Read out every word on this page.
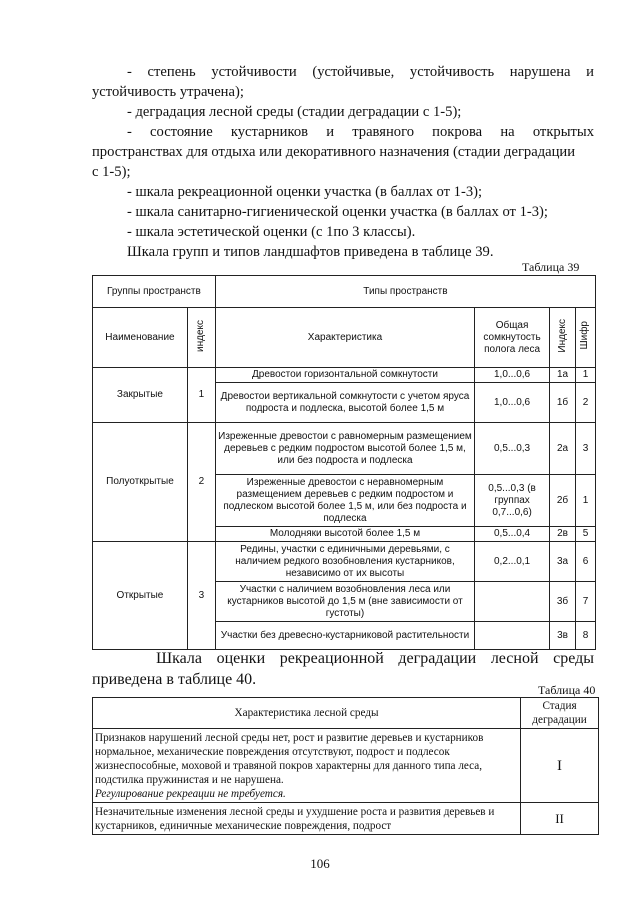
- степень устойчивости (устойчивые, устойчивость нарушена и
устойчивость утрачена);
- деградация лесной среды (стадии деградации с 1-5);
- состояние кустарников и травяного покрова на открытых
пространствах для отдыха или декоративного назначения (стадии деградации
с 1-5);
- шкала рекреационной оценки участка (в баллах от 1-3);
- шкала санитарно-гигиенической оценки участка (в баллах от 1-3);
- шкала эстетической оценки (с 1по 3 классы).
Шкала групп и типов ландшафтов приведена в таблице 39.
Таблица 39
Группы пространств		Типы пространств			
Наименование	индекс	Характеристика	Общая сомкнутость полога леса	Индекс	Шифр
Закрытые	1	Древостои горизонтальной сомкнутости	1,0...0,6	1а	1
		Древостои вертикальной сомкнутости с учетом яруса подроста и подлеска, высотой более 1,5 м	1,0...0,6	1б	2
Полуоткрытые	2	Изреженные древостои с равномерным размещением деревьев с редким подростом высотой более 1,5 м, или без подроста и подлеска	0,5...0,3	2а	3
		Изреженные древостои с неравномерным размещением деревьев с редким подростом и подлеском высотой более 1,5 м, или без подроста и подлеска	0,5...0,3 (в группах 0,7...0,6)	2б	1
		Молодняки высотой более 1,5 м	0,5...0,4	2в	5
Открытые	3	Редины, участки с единичными деревьями, с наличием редкого возобновления кустарников, независимо от их высоты	0,2...0,1	3а	6
		Участки с наличием возобновления леса или кустарников высотой до 1,5 м (вне зависимости от густоты)		3б	7
		Участки без древесно-кустарниковой растительности		3в	8
Шкала оценки рекреационной деградации лесной среды приведена в таблице 40.
Таблица 40
Характеристика лесной среды	Стадия деградации

Признаков нарушений лесной среды нет, рост и развитие деревьев и кустарников нормальное, механические повреждения отсутствуют, подрост и подлесок жизнеспособные, моховой и травяной покров характерны для данного типа леса, подстилка пружинистая и не нарушена.
Регулирование рекреации не требуется.	I

Незначительные изменения лесной среды и ухудшение роста и развития деревьев и кустарников, единичные механические повреждения, подрост	II
106
